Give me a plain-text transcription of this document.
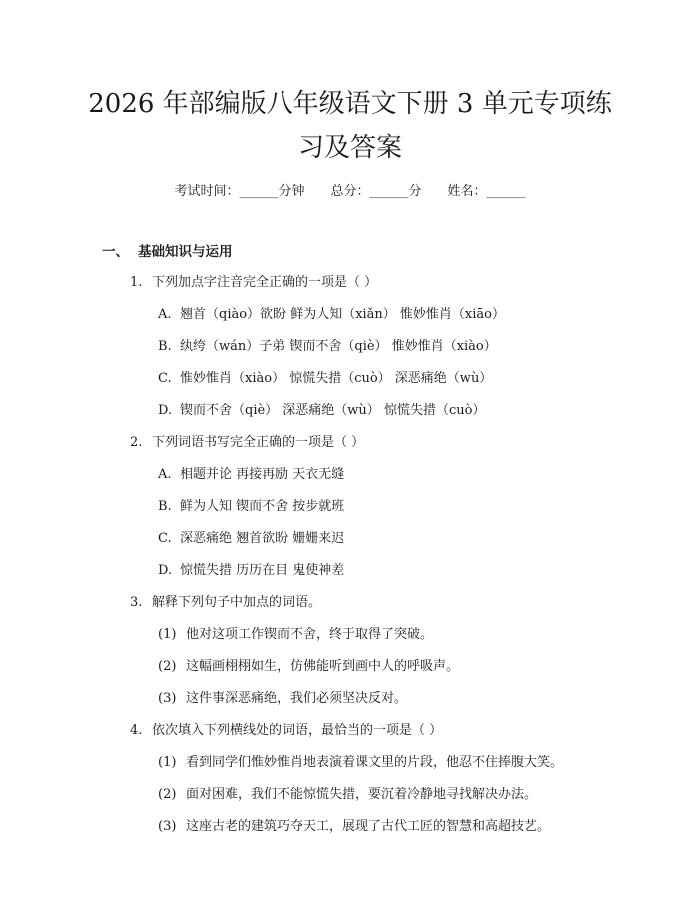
2026 年部编版八年级语文下册 3 单元专项练
习及答案
考试时间：______分钟 总分：______分 姓名：______
一、 基础知识与运用
1. 下列加点字注音完全正确的一项是（ ）
A. 翘首（qiào）欲盼 鲜为人知（xiǎn） 惟妙惟肖（xiāo）
B. 纨绔（wán）子弟 锲而不舍（qiè） 惟妙惟肖（xiào）
C. 惟妙惟肖（xiào） 惊慌失措（cuò） 深恶痛绝（wù）
D. 锲而不舍（qiè） 深恶痛绝（wù） 惊慌失措（cuò）
2. 下列词语书写完全正确的一项是（ ）
A. 相题并论 再接再励 天衣无缝
B. 鲜为人知 锲而不舍 按步就班
C. 深恶痛绝 翘首欲盼 姗姗来迟
D. 惊慌失措 历历在目 鬼使神差
3. 解释下列句子中加点的词语。
(1) 他对这项工作锲而不舍，终于取得了突破。
(2) 这幅画栩栩如生，仿佛能听到画中人的呼吸声。
(3) 这件事深恶痛绝，我们必须坚决反对。
4. 依次填入下列横线处的词语，最恰当的一项是（ ）
(1) 看到同学们惟妙惟肖地表演着课文里的片段，他忍不住捧腹大笑。
(2) 面对困难，我们不能惊慌失措，要沉着冷静地寻找解决办法。
(3) 这座古老的建筑巧夺天工，展现了古代工匠的智慧和高超技艺。
